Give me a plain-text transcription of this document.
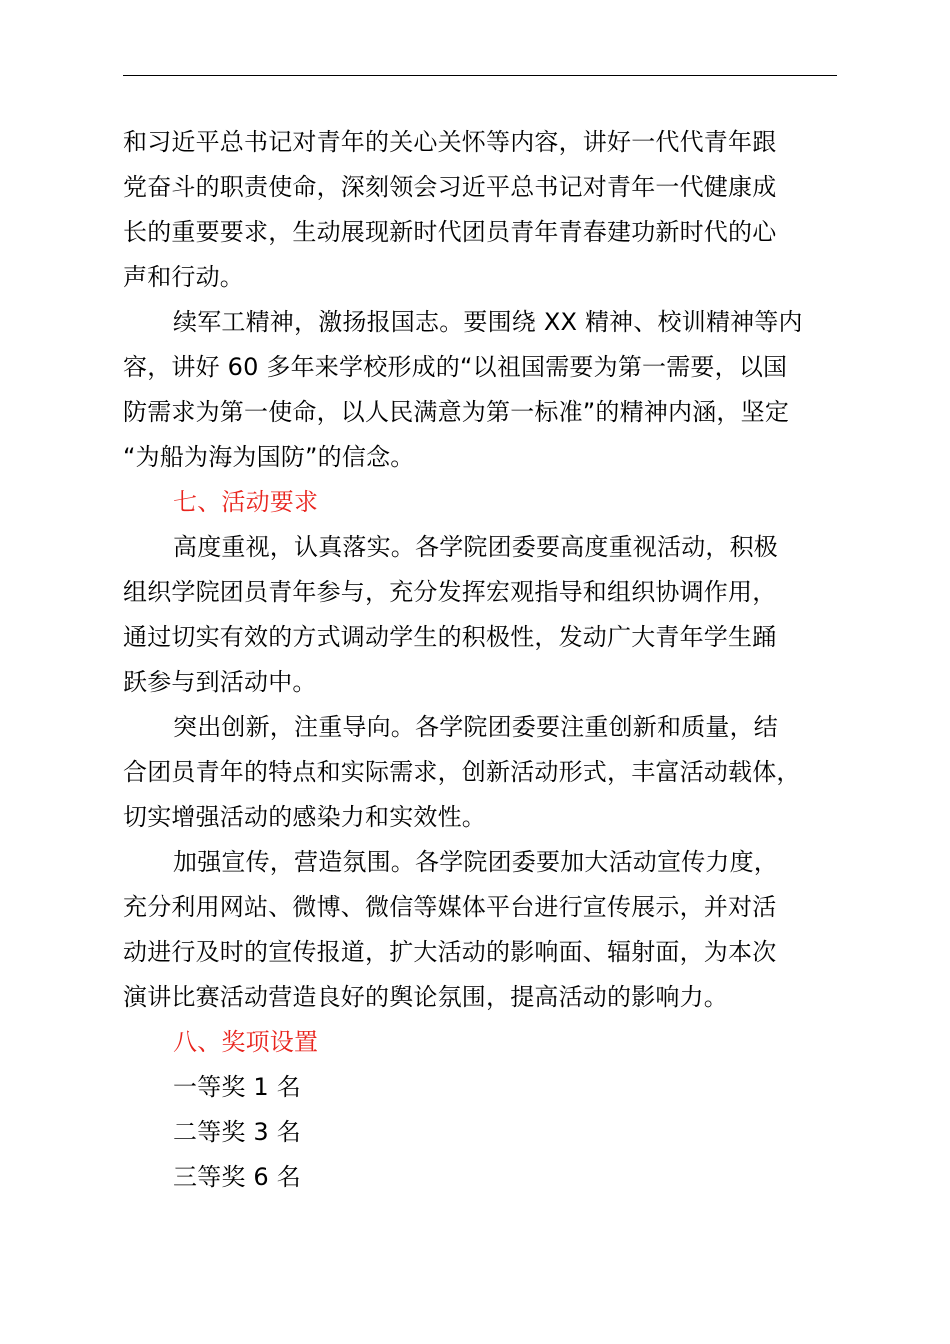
和习近平总书记对青年的关心关怀等内容，讲好一代代青年跟
党奋斗的职责使命，深刻领会习近平总书记对青年一代健康成
长的重要要求，生动展现新时代团员青年青春建功新时代的心
声和行动。
续军工精神，激扬报国志。要围绕 XX 精神、校训精神等内
容，讲好 60 多年来学校形成的“以祖国需要为第一需要，以国
防需求为第一使命，以人民满意为第一标准”的精神内涵，坚定
“为船为海为国防”的信念。
七、活动要求
高度重视，认真落实。各学院团委要高度重视活动，积极
组织学院团员青年参与，充分发挥宏观指导和组织协调作用，
通过切实有效的方式调动学生的积极性，发动广大青年学生踊
跃参与到活动中。
突出创新，注重导向。各学院团委要注重创新和质量，结
合团员青年的特点和实际需求，创新活动形式，丰富活动载体，
切实增强活动的感染力和实效性。
加强宣传，营造氛围。各学院团委要加大活动宣传力度，
充分利用网站、微博、微信等媒体平台进行宣传展示，并对活
动进行及时的宣传报道，扩大活动的影响面、辐射面，为本次
演讲比赛活动营造良好的舆论氛围，提高活动的影响力。
八、奖项设置
一等奖 1 名
二等奖 3 名
三等奖 6 名
